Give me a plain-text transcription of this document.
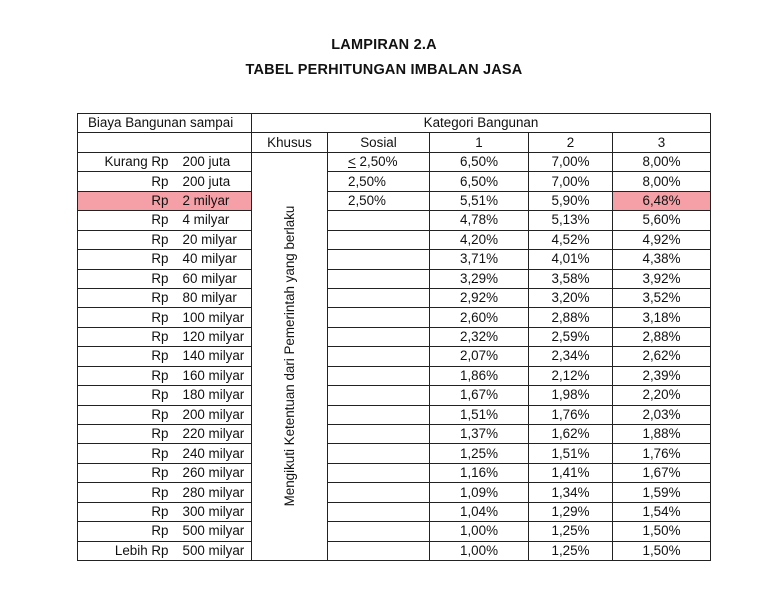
LAMPIRAN 2.A
TABEL PERHITUNGAN IMBALAN JASA
Biaya Bangunan sampai		Kategori Bangunan				
		Khusus	Sosial	1	2	3
Kurang Rp	200 juta	Mengikuti Ketentuan dari Pemerintah yang berlaku	≤ 2,50%	6,50%	7,00%	8,00%
Rp	200 juta		2,50%	6,50%	7,00%	8,00%
Rp	2 milyar		2,50%	5,51%	5,90%	6,48%
Rp	4 milyar			4,78%	5,13%	5,60%
Rp	20 milyar			4,20%	4,52%	4,92%
Rp	40 milyar			3,71%	4,01%	4,38%
Rp	60 milyar			3,29%	3,58%	3,92%
Rp	80 milyar			2,92%	3,20%	3,52%
Rp	100 milyar			2,60%	2,88%	3,18%
Rp	120 milyar			2,32%	2,59%	2,88%
Rp	140 milyar			2,07%	2,34%	2,62%
Rp	160 milyar			1,86%	2,12%	2,39%
Rp	180 milyar			1,67%	1,98%	2,20%
Rp	200 milyar			1,51%	1,76%	2,03%
Rp	220 milyar			1,37%	1,62%	1,88%
Rp	240 milyar			1,25%	1,51%	1,76%
Rp	260 milyar			1,16%	1,41%	1,67%
Rp	280 milyar			1,09%	1,34%	1,59%
Rp	300 milyar			1,04%	1,29%	1,54%
Rp	500 milyar			1,00%	1,25%	1,50%
Lebih Rp	500 milyar			1,00%	1,25%	1,50%
